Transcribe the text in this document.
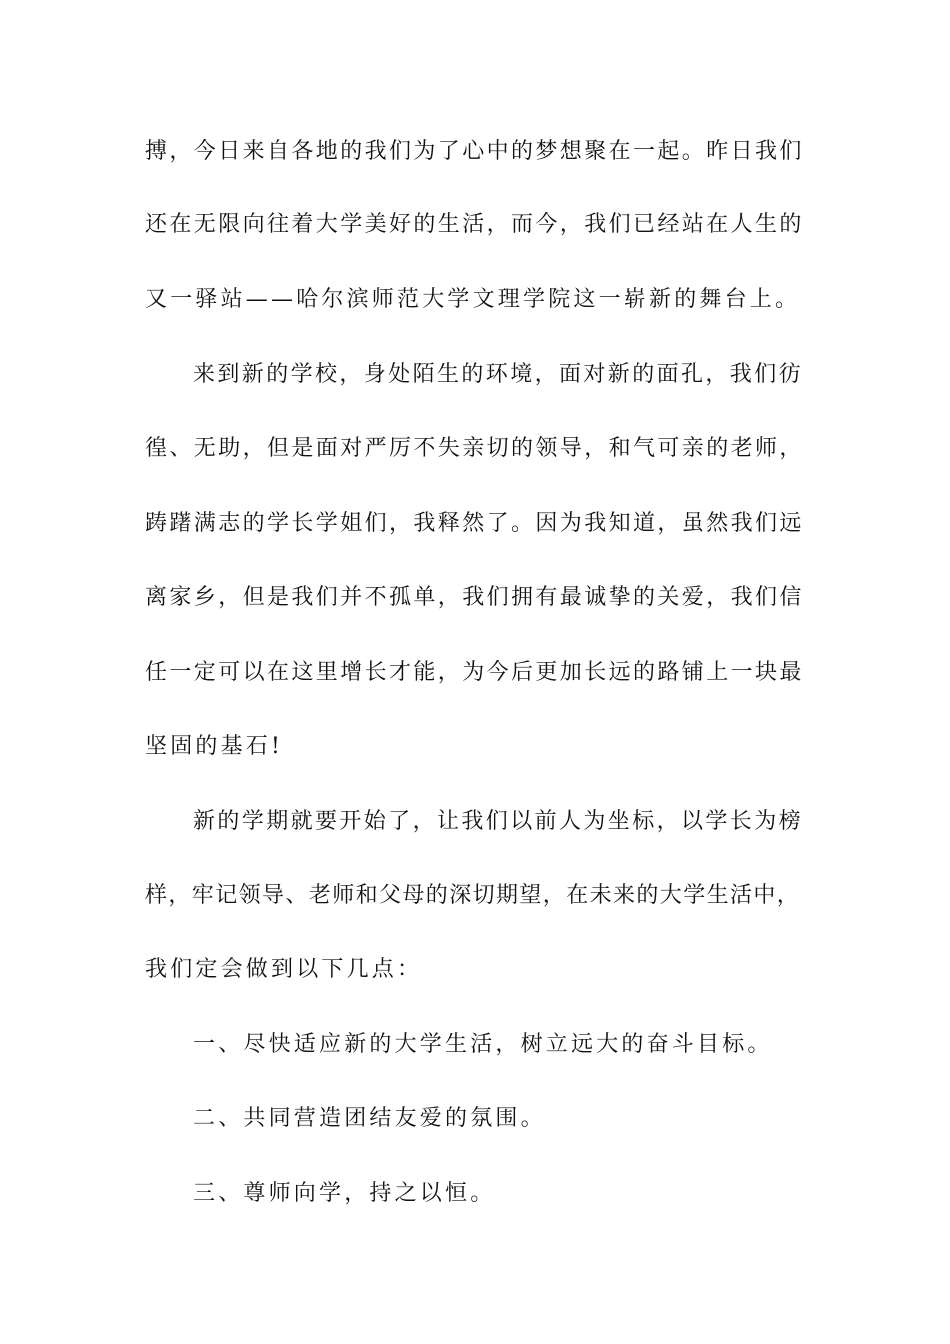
搏，今日来自各地的我们为了心中的梦想聚在一起。昨日我们
还在无限向往着大学美好的生活，而今，我们已经站在人生的
又一驿站——哈尔滨师范大学文理学院这一崭新的舞台上。
来到新的学校，身处陌生的环境，面对新的面孔，我们彷
徨、无助，但是面对严厉不失亲切的领导，和气可亲的老师，
踌躇满志的学长学姐们，我释然了。因为我知道，虽然我们远
离家乡，但是我们并不孤单，我们拥有最诚挚的关爱，我们信
任一定可以在这里增长才能，为今后更加长远的路铺上一块最
坚固的基石!
新的学期就要开始了，让我们以前人为坐标，以学长为榜
样，牢记领导、老师和父母的深切期望，在未来的大学生活中，
我们定会做到以下几点：
一、尽快适应新的大学生活，树立远大的奋斗目标。
二、共同营造团结友爱的氛围。
三、尊师向学，持之以恒。
